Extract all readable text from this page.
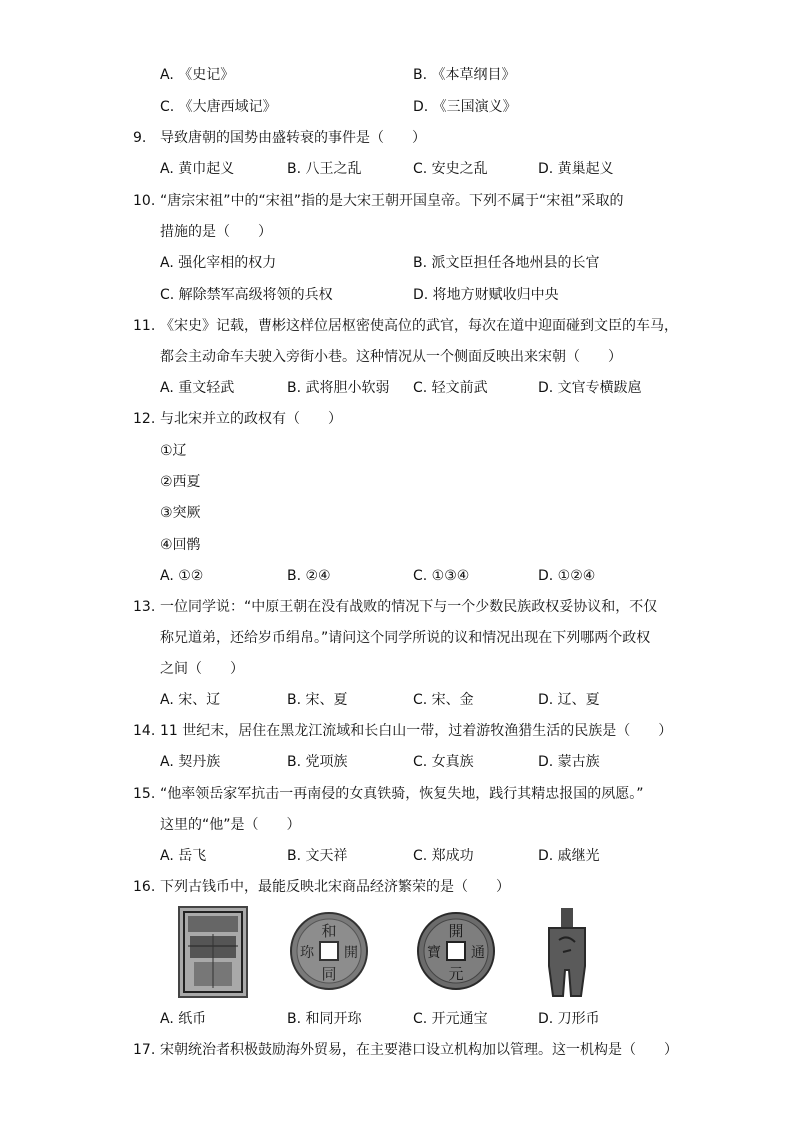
A. 《史记》	B. 《本草纲目》
C. 《大唐西域记》	D. 《三国演义》
9. 导致唐朝的国势由盛转衰的事件是（　　）
A. 黄巾起义	B. 八王之乱	C. 安史之乱	D. 黄巢起义
10. “唐宗宋祖”中的“宋祖”指的是大宋王朝开国皇帝。下列不属于“宋祖”采取的
措施的是（　　）
A. 强化宰相的权力	B. 派文臣担任各地州县的长官
C. 解除禁军高级将领的兵权	D. 将地方财赋收归中央
11. 《宋史》记载，曹彬这样位居枢密使高位的武官，每次在道中迎面碰到文臣的车马，
都会主动命车夫驶入旁街小巷。这种情况从一个侧面反映出来宋朝（　　）
A. 重文轻武	B. 武将胆小软弱 C. 轻文前武	D. 文官专横跋扈
12. 与北宋并立的政权有（　　）
①辽
②西夏
③突厥
④回鹘
A. ①②	B. ②④	C. ①③④	D. ①②④
13. 一位同学说：“中原王朝在没有战败的情况下与一个少数民族政权妥协议和，不仅
称兄道弟，还给岁币绢帛。”请问这个同学所说的议和情况出现在下列哪两个政权
之间（　　）
A. 宋、辽	B. 宋、夏	C. 宋、金	D. 辽、夏
14. 11 世纪末，居住在黑龙江流域和长白山一带，过着游牧渔猎生活的民族是（　　）
A. 契丹族	B. 党项族	C. 女真族	D. 蒙古族
15. “他率领岳家军抗击一再南侵的女真铁骑，恢复失地，践行其精忠报国的夙愿。”
这里的“他”是（　　）
A. 岳飞	B. 文天祥	C. 郑成功	D. 戚继光
16. 下列古钱币中，最能反映北宋商品经济繁荣的是（　　）
和
同
開
珎
開
元
通
寶
A. 纸币	B. 和同开珎	C. 开元通宝	D. 刀形币
17. 宋朝统治者积极鼓励海外贸易，在主要港口设立机构加以管理。这一机构是（　　）
